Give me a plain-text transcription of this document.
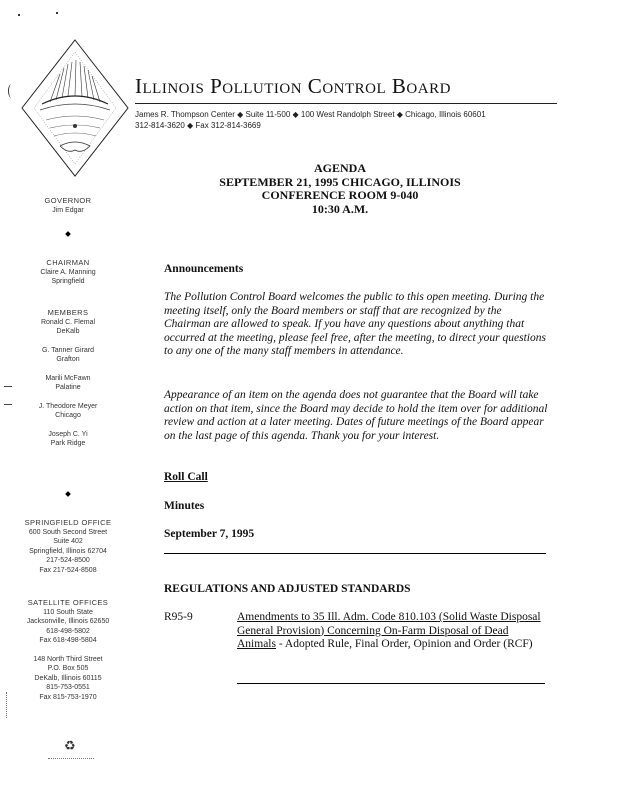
Illinois Pollution Control Board
James R. Thompson Center ◆ Suite 11-500 ◆ 100 West Randolph Street ◆ Chicago, Illinois 60601
312-814-3620 ◆ Fax 312-814-3669
AGENDA
SEPTEMBER 21, 1995 CHICAGO, ILLINOIS
CONFERENCE ROOM 9-040
10:30 A.M.
GOVERNOR
Jim Edgar
CHAIRMAN
Claire A. Manning
Springfield
MEMBERS
Ronald C. Flemal
DeKalb
G. Tanner Girard
Grafton
Marili McFawn
Palatine
J. Theodore Meyer
Chicago
Joseph C. Yi
Park Ridge
SPRINGFIELD OFFICE
600 South Second Street
Suite 402
Springfield, Illinois 62704
217-524-8500
Fax 217-524-8508
SATELLITE OFFICES
110 South State
Jacksonville, Illinois 62650
618-498-5802
Fax 618-498-5804
148 North Third Street
P.O. Box 505
DeKalb, Illinois 60115
815-753-0551
Fax 815-753-1970
♻
Announcements
The Pollution Control Board welcomes the public to this open meeting. During the meeting itself, only the Board members or staff that are recognized by the Chairman are allowed to speak. If you have any questions about anything that occurred at the meeting, please feel free, after the meeting, to direct your questions to any one of the many staff members in attendance.
Appearance of an item on the agenda does not guarantee that the Board will take action on that item, since the Board may decide to hold the item over for additional review and action at a later meeting. Dates of future meetings of the Board appear on the last page of this agenda. Thank you for your interest.
Roll Call
Minutes
September 7, 1995
REGULATIONS AND ADJUSTED STANDARDS
R95-9	Amendments to 35 Ill. Adm. Code 810.103 (Solid Waste Disposal General Provision) Concerning On-Farm Disposal of Dead Animals - Adopted Rule, Final Order, Opinion and Order (RCF)
